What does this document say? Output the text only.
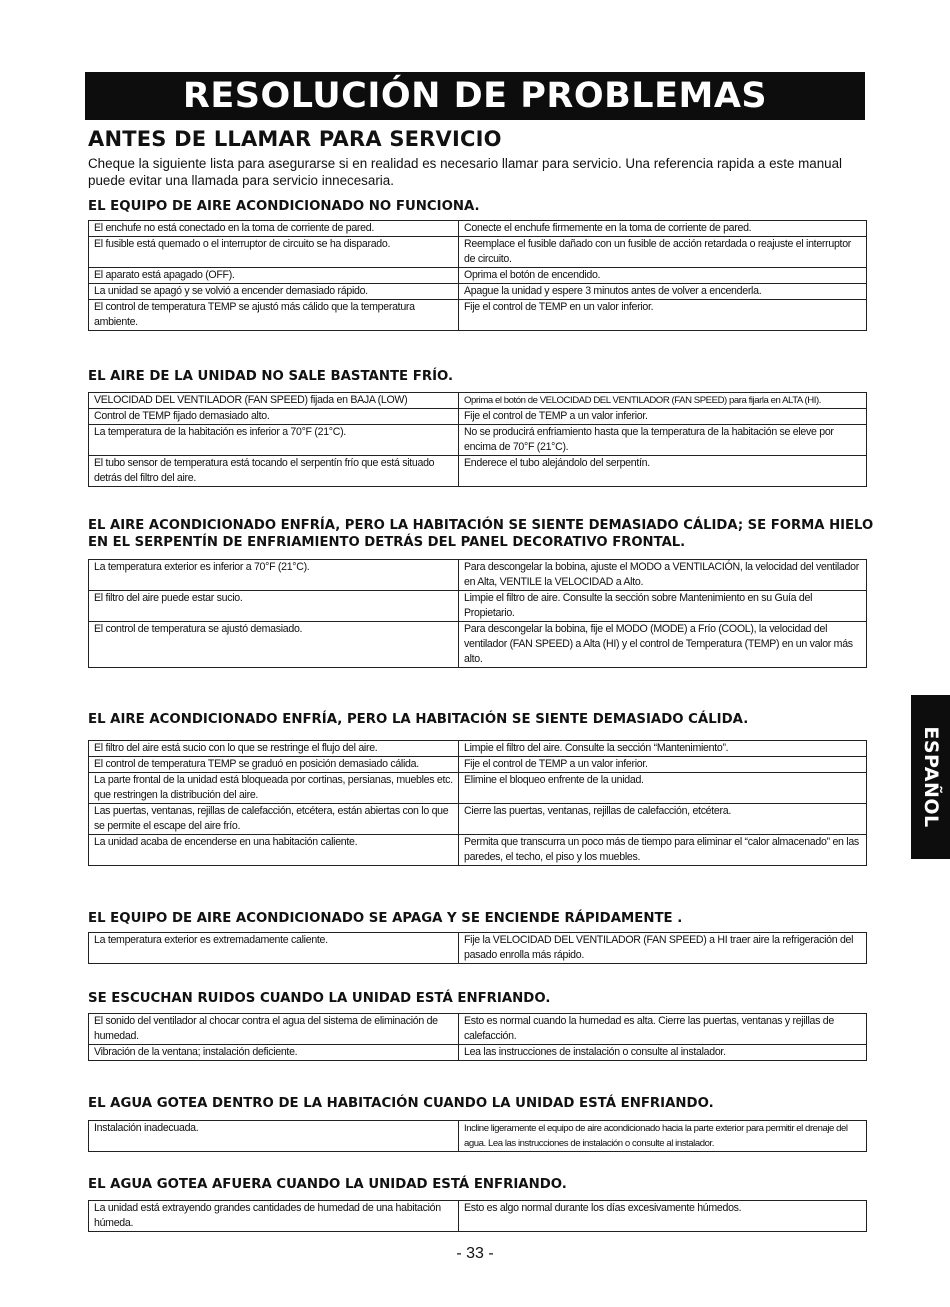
RESOLUCIÓN DE PROBLEMAS
ANTES DE LLAMAR PARA SERVICIO
Cheque la siguiente lista para asegurarse si en realidad es necesario llamar para servicio. Una referencia rapida a este manual puede evitar una llamada para servicio innecesaria.
EL EQUIPO DE AIRE ACONDICIONADO NO FUNCIONA.
El enchufe no está conectado en la toma de corriente de pared.	Conecte el enchufe firmemente en la toma de corriente de pared.
El fusible está quemado o el interruptor de circuito se ha disparado.	Reemplace el fusible dañado con un fusible de acción retardada o reajuste el interruptor de circuito.
El aparato está apagado (OFF).	Oprima el botón de encendido.
La unidad se apagó y se volvió a encender demasiado rápido.	Apague la unidad y espere 3 minutos antes de volver a encenderla.
El control de temperatura TEMP se ajustó más cálido que la temperatura ambiente.	Fije el control de TEMP en un valor inferior.
EL AIRE DE LA UNIDAD NO SALE BASTANTE FRÍO.
VELOCIDAD DEL VENTILADOR (FAN SPEED) fijada en BAJA (LOW)	Oprima el botón de VELOCIDAD DEL VENTILADOR (FAN SPEED) para fijarla en ALTA (HI).
Control de TEMP fijado demasiado alto.	Fije el control de TEMP a un valor inferior.
La temperatura de la habitación es inferior a 70°F (21°C).	No se producirá enfriamiento hasta que la temperatura de la habitación se eleve por encima de 70°F (21°C).
El tubo sensor de temperatura está tocando el serpentín frío que está situado detrás del filtro del aire.	Enderece el tubo alejándolo del serpentín.
EL AIRE ACONDICIONADO ENFRÍA, PERO LA HABITACIÓN SE SIENTE DEMASIADO CÁLIDA; SE FORMA HIELO EN EL SERPENTÍN DE ENFRIAMIENTO DETRÁS DEL PANEL DECORATIVO FRONTAL.
La temperatura exterior es inferior a 70°F (21°C).	Para descongelar la bobina, ajuste el MODO a VENTILACIÓN, la velocidad del ventilador en Alta, VENTILE la VELOCIDAD a Alto.
El filtro del aire puede estar sucio.	Limpie el filtro de aire. Consulte la sección sobre Mantenimiento en su Guía del Propietario.
El control de temperatura se ajustó demasiado.	Para descongelar la bobina, fije el MODO (MODE) a Frío (COOL), la velocidad del ventilador (FAN SPEED) a Alta (HI) y el control de Temperatura (TEMP) en un valor más alto.
EL AIRE ACONDICIONADO ENFRÍA, PERO LA HABITACIÓN SE SIENTE DEMASIADO CÁLIDA.
El filtro del aire está sucio con lo que se restringe el flujo del aire.	Limpie el filtro del aire. Consulte la sección “Mantenimiento”.
El control de temperatura TEMP se graduó en posición demasiado cálida.	Fije el control de TEMP a un valor inferior.
La parte frontal de la unidad está bloqueada por cortinas, persianas, muebles etc. que restringen la distribución del aire.	Elimine el bloqueo enfrente de la unidad.
Las puertas, ventanas, rejillas de calefacción, etcétera, están abiertas con lo que se permite el escape del aire frío.	Cierre las puertas, ventanas, rejillas de calefacción, etcétera.
La unidad acaba de encenderse en una habitación caliente.	Permita que transcurra un poco más de tiempo para eliminar el “calor almacenado” en las paredes, el techo, el piso y los muebles.
EL EQUIPO DE AIRE ACONDICIONADO SE APAGA Y SE ENCIENDE RÁPIDAMENTE .
La temperatura exterior es extremadamente caliente.	Fije la VELOCIDAD DEL VENTILADOR (FAN SPEED) a HI traer aire la refrigeración del pasado enrolla más rápido.
SE ESCUCHAN RUIDOS CUANDO LA UNIDAD ESTÁ ENFRIANDO.
El sonido del ventilador al chocar contra el agua del sistema de eliminación de humedad.	Esto es normal cuando la humedad es alta. Cierre las puertas, ventanas y rejillas de calefacción.
Vibración de la ventana; instalación deficiente.	Lea las instrucciones de instalación o consulte al instalador.
EL AGUA GOTEA DENTRO DE LA HABITACIÓN CUANDO LA UNIDAD ESTÁ ENFRIANDO.
Instalación inadecuada.	Incline ligeramente el equipo de aire acondicionado hacia la parte exterior para permitir el drenaje del agua. Lea las instrucciones de instalación o consulte al instalador.
EL AGUA GOTEA AFUERA CUANDO LA UNIDAD ESTÁ ENFRIANDO.
La unidad está extrayendo grandes cantidades de humedad de una habitación húmeda.	Esto es algo normal durante los días excesivamente húmedos.
ESPAÑOL
- 33 -
